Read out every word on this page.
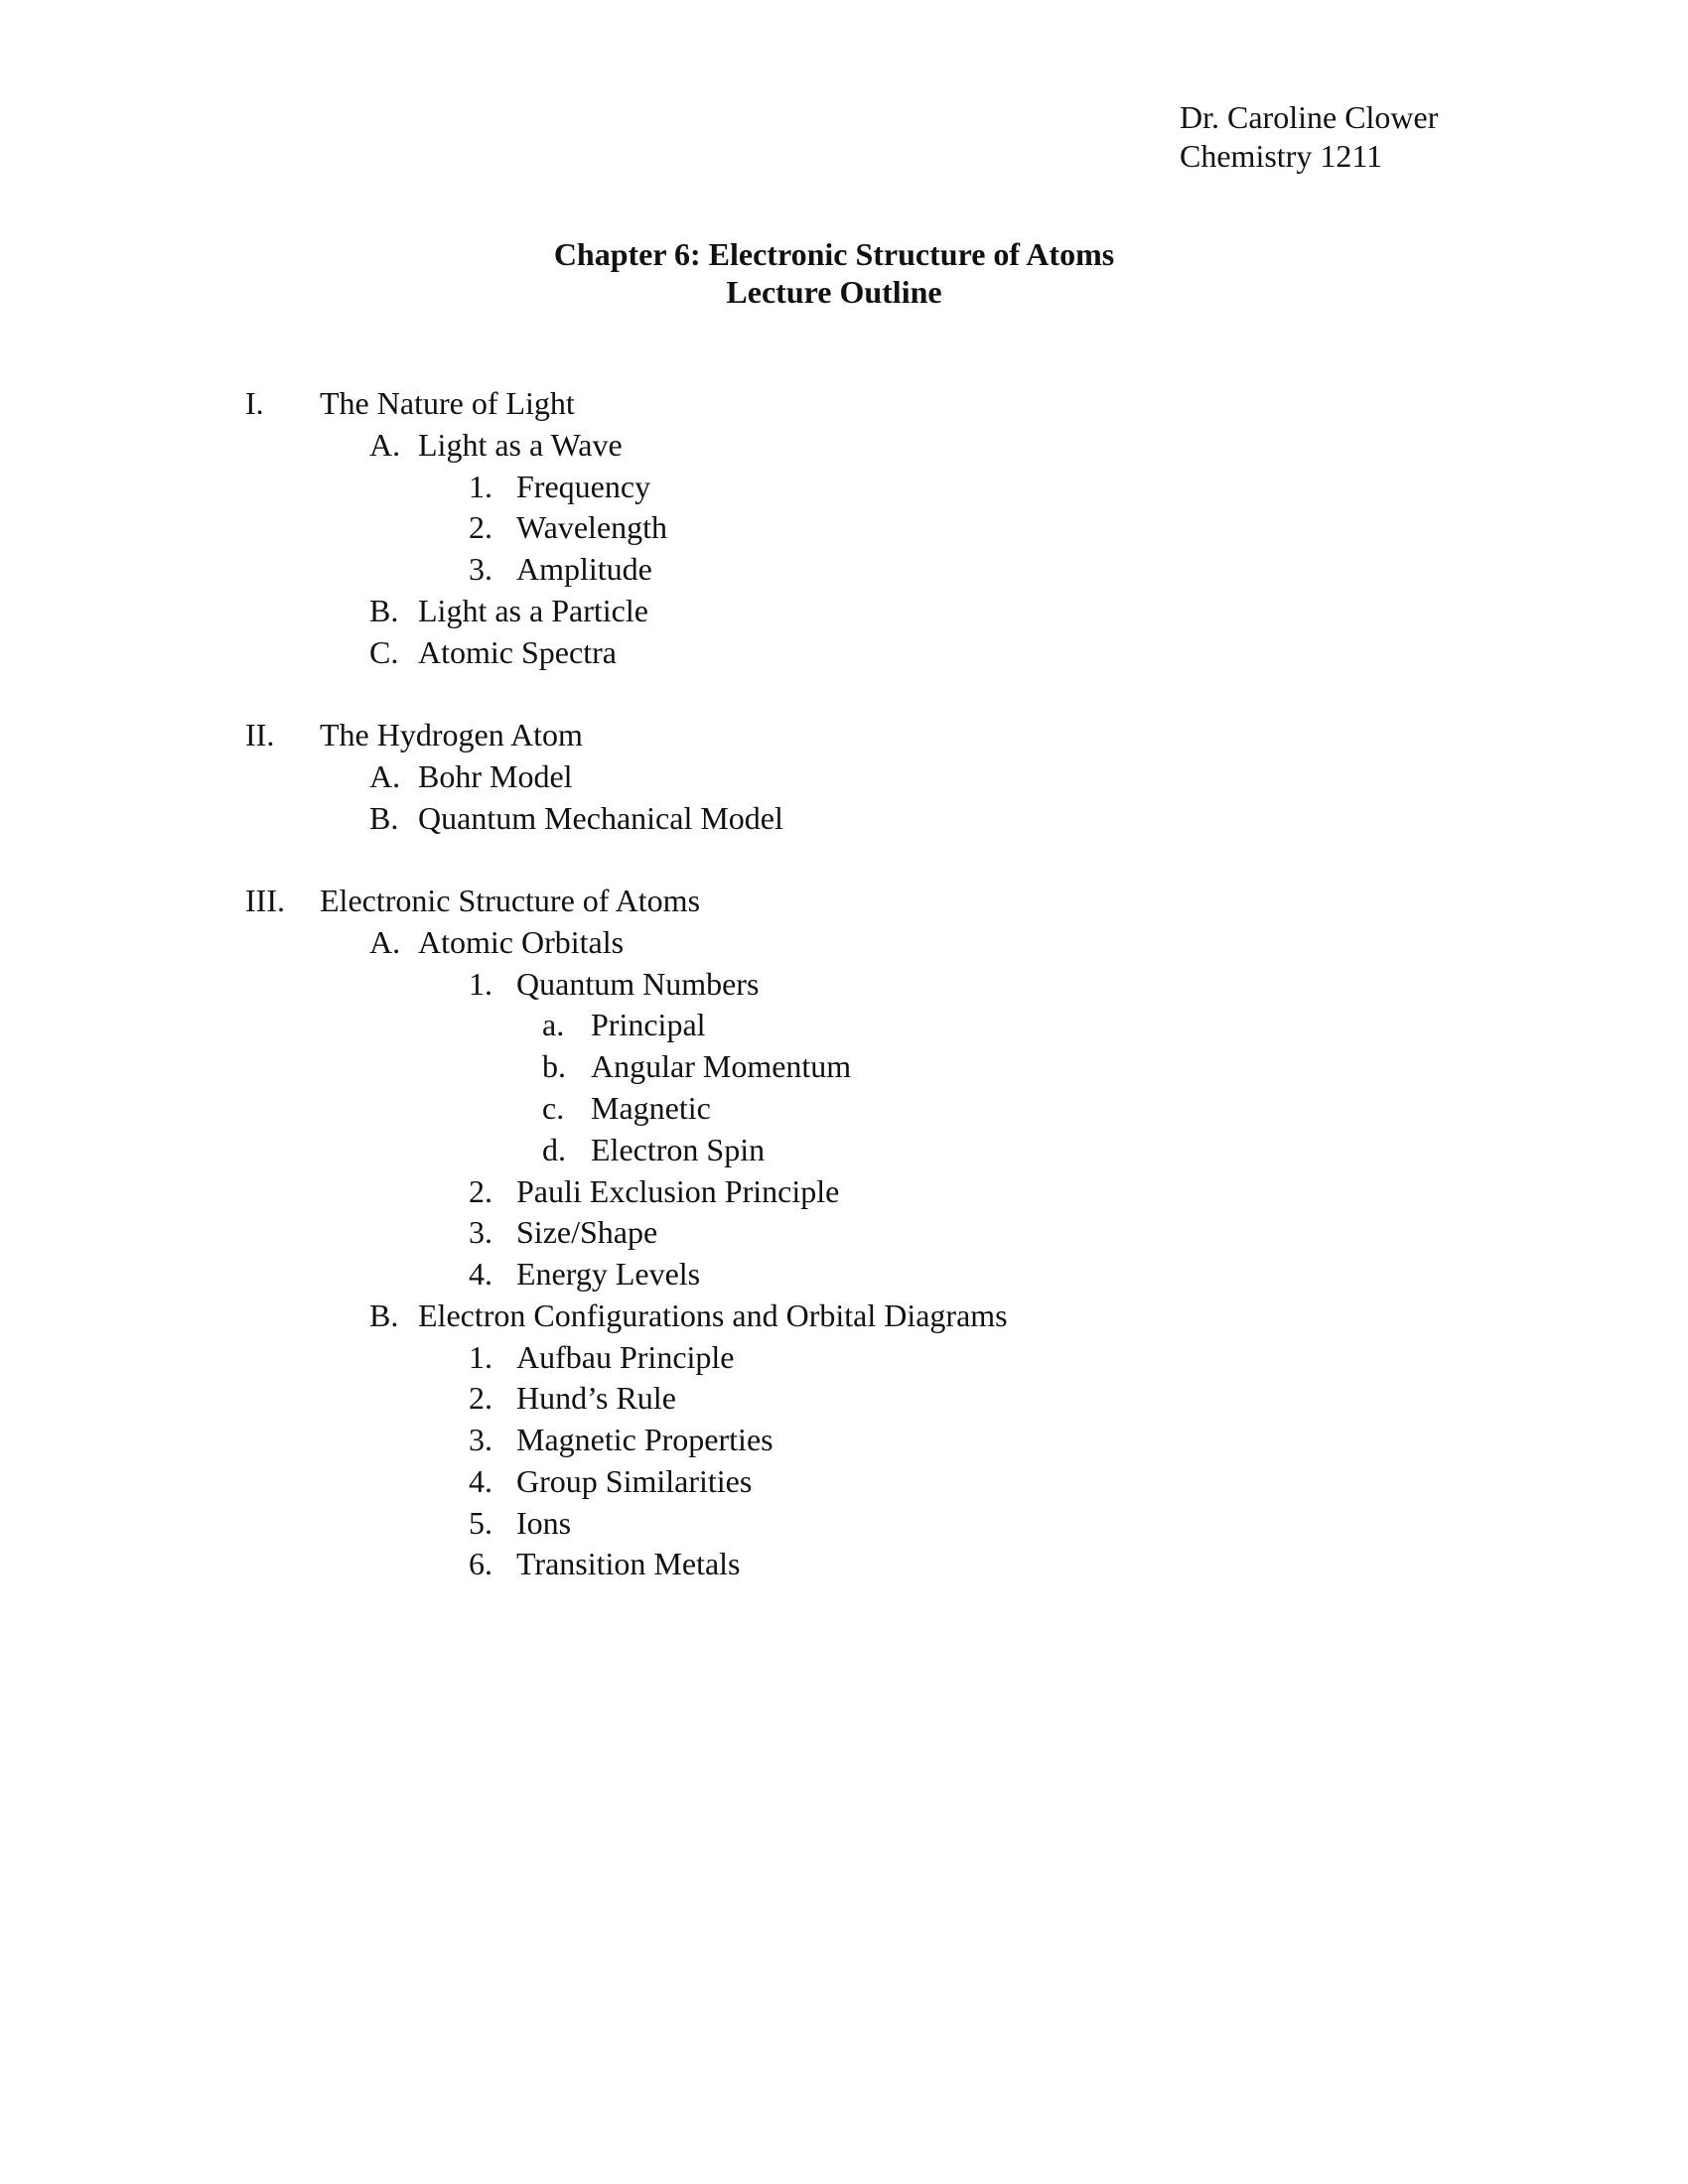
Dr. Caroline Clower
Chemistry 1211
Chapter 6: Electronic Structure of Atoms
Lecture Outline
I. The Nature of Light
A. Light as a Wave
1. Frequency
2. Wavelength
3. Amplitude
B. Light as a Particle
C. Atomic Spectra
II. The Hydrogen Atom
A. Bohr Model
B. Quantum Mechanical Model
III. Electronic Structure of Atoms
A. Atomic Orbitals
1. Quantum Numbers
a. Principal
b. Angular Momentum
c. Magnetic
d. Electron Spin
2. Pauli Exclusion Principle
3. Size/Shape
4. Energy Levels
B. Electron Configurations and Orbital Diagrams
1. Aufbau Principle
2. Hund’s Rule
3. Magnetic Properties
4. Group Similarities
5. Ions
6. Transition Metals
